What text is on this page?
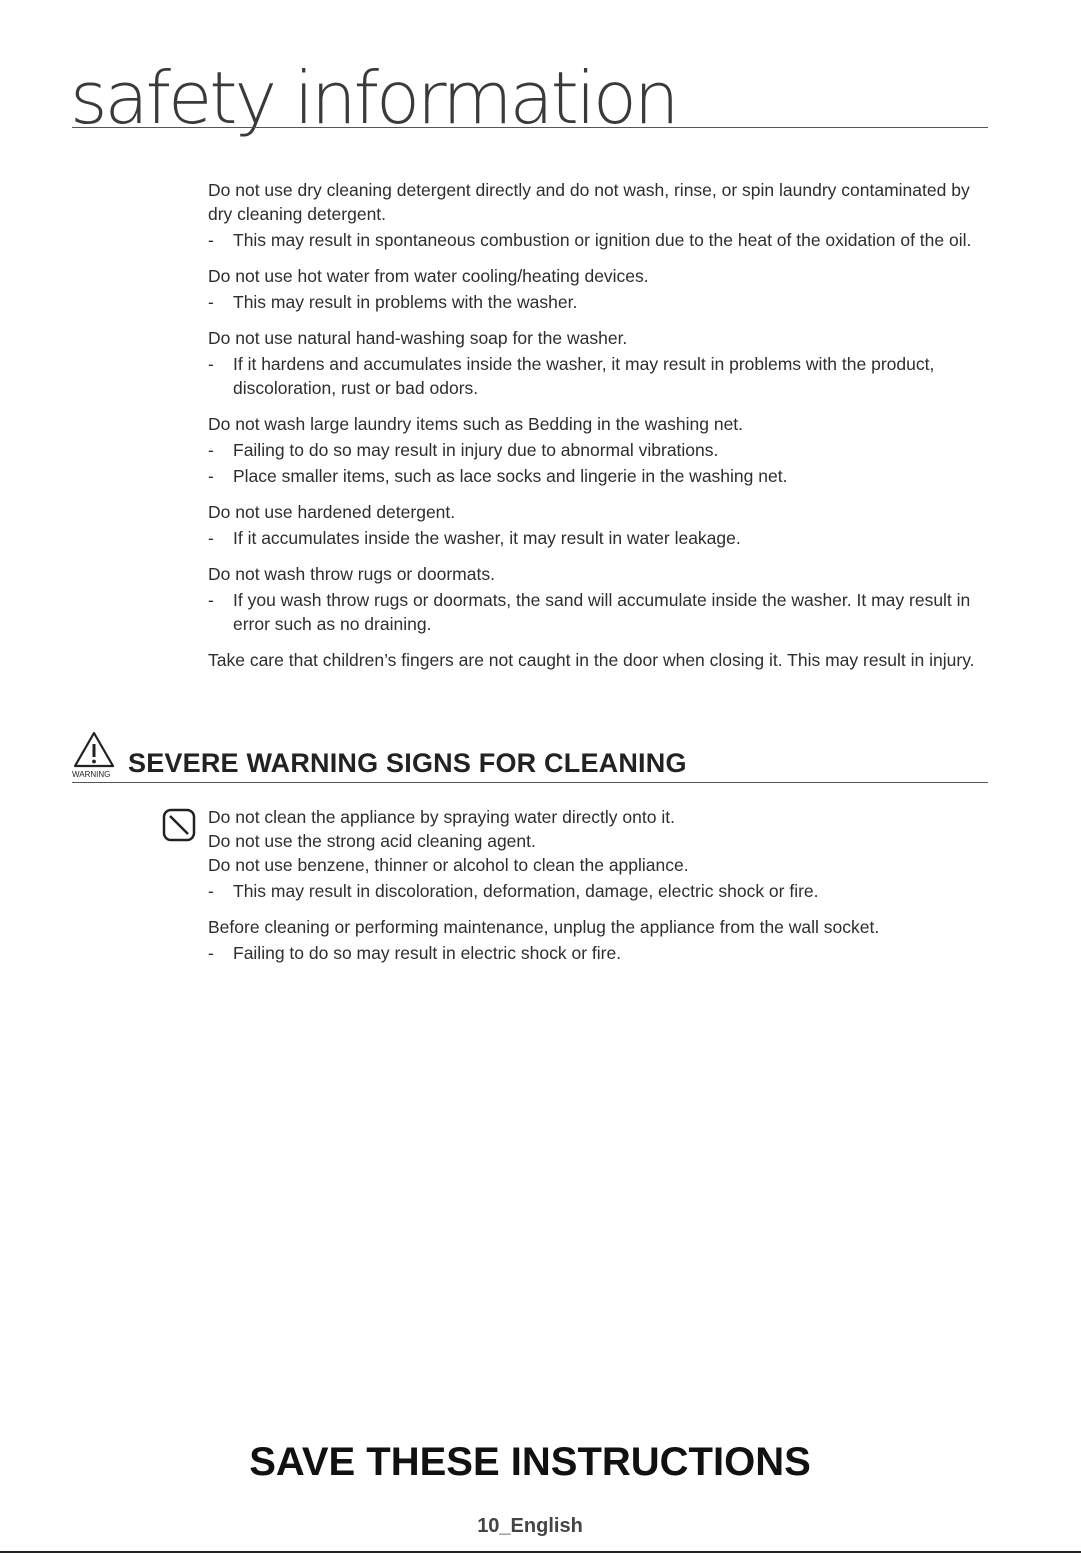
safety information

Do not use dry cleaning detergent directly and do not wash, rinse, or spin laundry contaminated by dry cleaning detergent.

- This may result in spontaneous combustion or ignition due to the heat of the oxidation of the oil.

Do not use hot water from water cooling/heating devices.

- This may result in problems with the washer.

Do not use natural hand-washing soap for the washer.

- If it hardens and accumulates inside the washer, it may result in problems with the product, discoloration, rust or bad odors.

Do not wash large laundry items such as Bedding in the washing net.

- Failing to do so may result in injury due to abnormal vibrations.

- Place smaller items, such as lace socks and lingerie in the washing net.

Do not use hardened detergent.

- If it accumulates inside the washer, it may result in water leakage.

Do not wash throw rugs or doormats.

- If you wash throw rugs or doormats, the sand will accumulate inside the washer. It may result in error such as no draining.

Take care that children’s fingers are not caught in the door when closing it. This may result in injury.

WARNING SEVERE WARNING SIGNS FOR CLEANING

Do not clean the appliance by spraying water directly onto it.

Do not use the strong acid cleaning agent.

Do not use benzene, thinner or alcohol to clean the appliance.

- This may result in discoloration, deformation, damage, electric shock or fire.

Before cleaning or performing maintenance, unplug the appliance from the wall socket.

- Failing to do so may result in electric shock or fire.

SAVE THESE INSTRUCTIONS
10_English
